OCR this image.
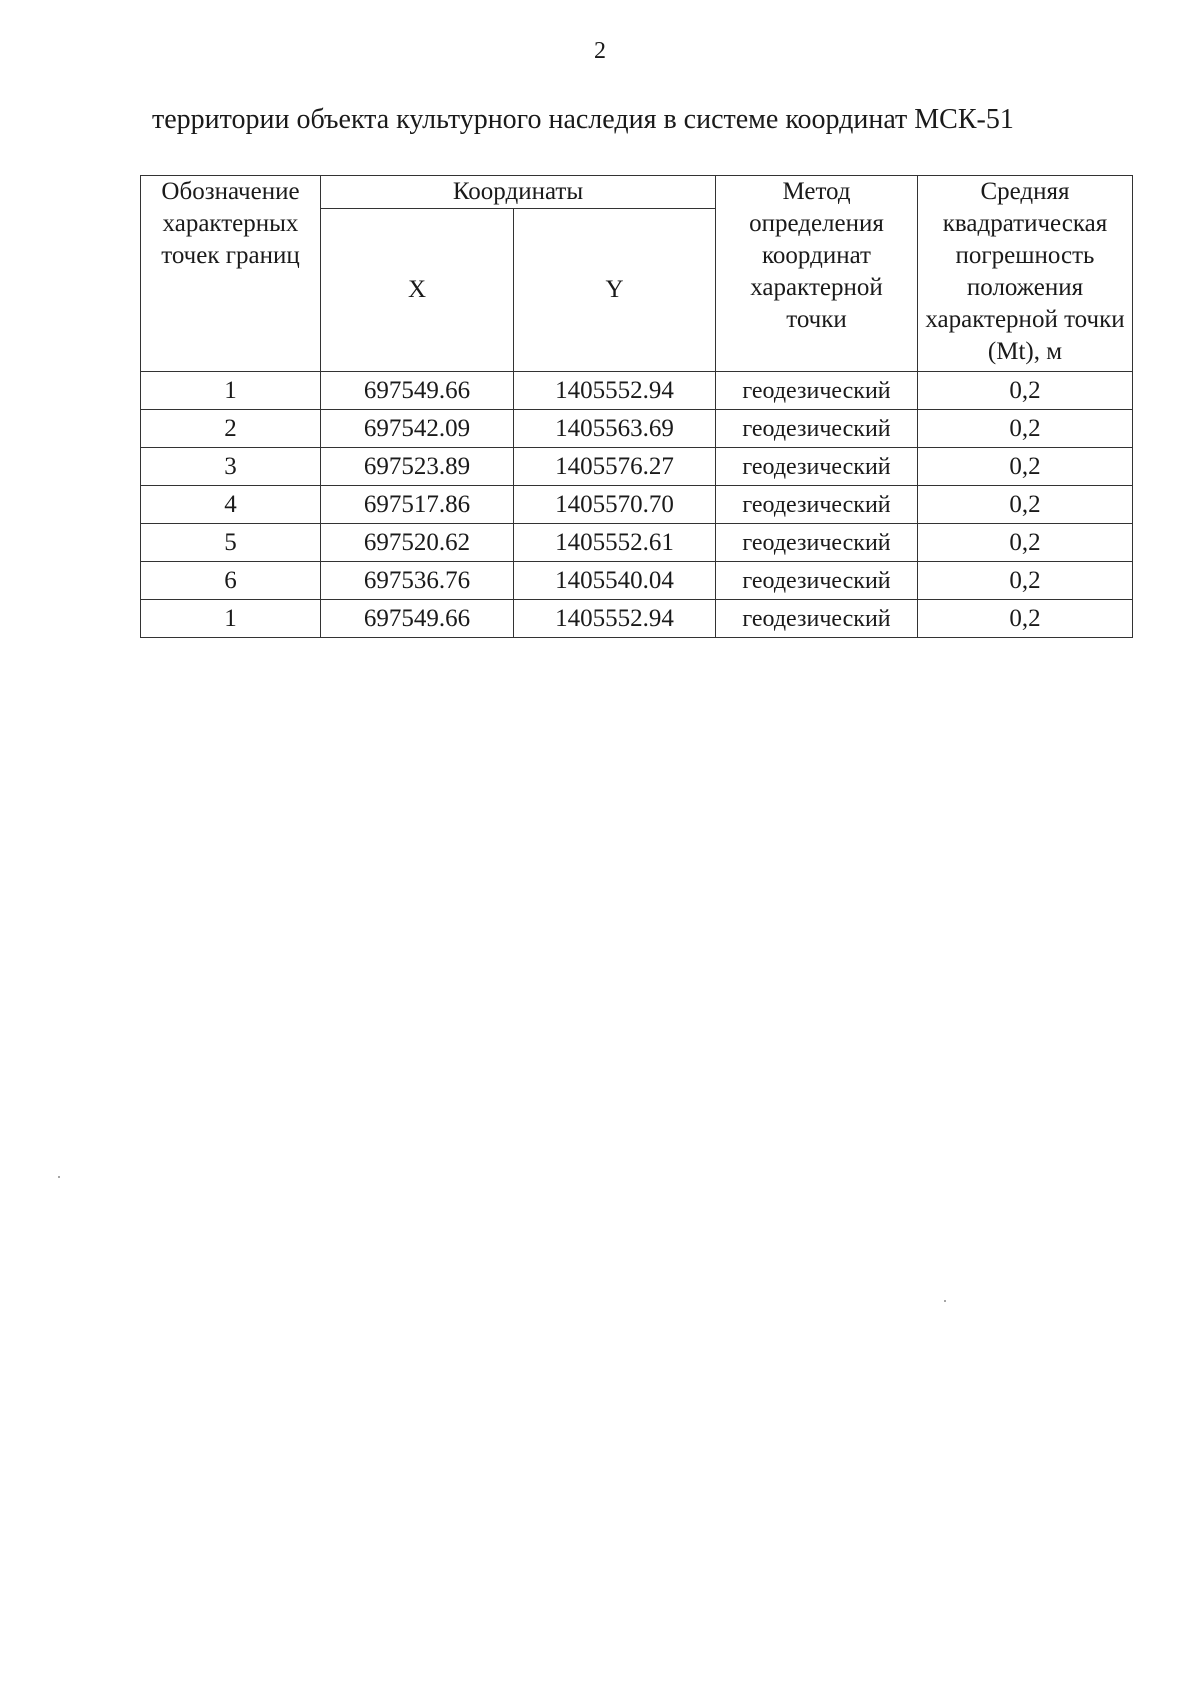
2
территории объекта культурного наследия в системе координат МСК-51
Обозначение характерных точек границ	Координаты		Метод определения координат характерной точки	Средняя квадратическая погрешность положения характерной точки (Mt), м
	X	Y		
1	697549.66	1405552.94	геодезический	0,2
2	697542.09	1405563.69	геодезический	0,2
3	697523.89	1405576.27	геодезический	0,2
4	697517.86	1405570.70	геодезический	0,2
5	697520.62	1405552.61	геодезический	0,2
6	697536.76	1405540.04	геодезический	0,2
1	697549.66	1405552.94	геодезический	0,2
